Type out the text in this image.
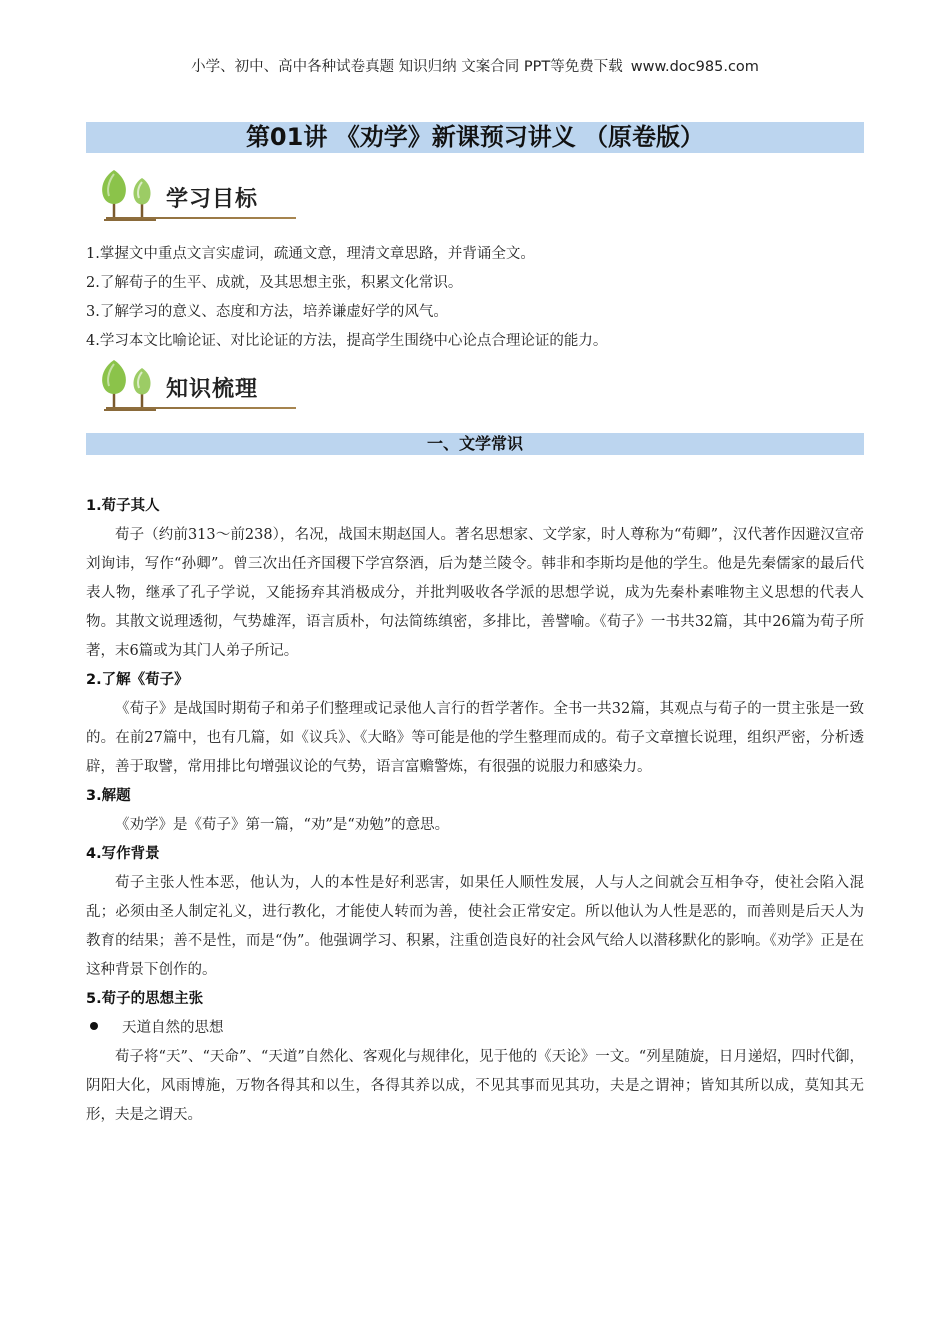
小学、初中、高中各种试卷真题 知识归纳 文案合同 PPT等免费下载 www.doc985.com
第01讲 《劝学》新课预习讲义 （原卷版）
学习目标
1.掌握文中重点文言实虚词，疏通文意，理清文章思路，并背诵全文。
2.了解荀子的生平、成就，及其思想主张，积累文化常识。
3.了解学习的意义、态度和方法，培养谦虚好学的风气。
4.学习本文比喻论证、对比论证的方法，提高学生围绕中心论点合理论证的能力。
知识梳理
一、文学常识
1.荀子其人

荀子（约前313～前238），名况，战国末期赵国人。著名思想家、文学家，时人尊称为“荀卿”，汉代著作因避汉宣帝刘询讳，写作“孙卿”。曾三次出任齐国稷下学宫祭酒，后为楚兰陵令。韩非和李斯均是他的学生。他是先秦儒家的最后代表人物，继承了孔子学说，又能扬弃其消极成分，并批判吸收各学派的思想学说，成为先秦朴素唯物主义思想的代表人物。其散文说理透彻，气势雄浑，语言质朴，句法简练缜密，多排比，善譬喻。《荀子》一书共32篇，其中26篇为荀子所著，末6篇或为其门人弟子所记。

2.了解《荀子》

《荀子》是战国时期荀子和弟子们整理或记录他人言行的哲学著作。全书一共32篇，其观点与荀子的一贯主张是一致的。在前27篇中，也有几篇，如《议兵》、《大略》等可能是他的学生整理而成的。荀子文章擅长说理，组织严密，分析透辟，善于取譬，常用排比句增强议论的气势，语言富赡警炼，有很强的说服力和感染力。

3.解题

《劝学》是《荀子》第一篇，“劝”是“劝勉”的意思。

4.写作背景

荀子主张人性本恶，他认为，人的本性是好利恶害，如果任人顺性发展，人与人之间就会互相争夺，使社会陷入混乱；必须由圣人制定礼义，进行教化，才能使人转而为善，使社会正常安定。所以他认为人性是恶的，而善则是后天人为教育的结果；善不是性，而是“伪”。他强调学习、积累，注重创造良好的社会风气给人以潜移默化的影响。《劝学》正是在这种背景下创作的。

5.荀子的思想主张
天道自然的思想

荀子将“天”、“天命”、“天道”自然化、客观化与规律化，见于他的《天论》一文。“列星随旋，日月递炤，四时代御，阴阳大化，风雨博施，万物各得其和以生，各得其养以成，不见其事而见其功，夫是之谓神；皆知其所以成，莫知其无形，夫是之谓天。
